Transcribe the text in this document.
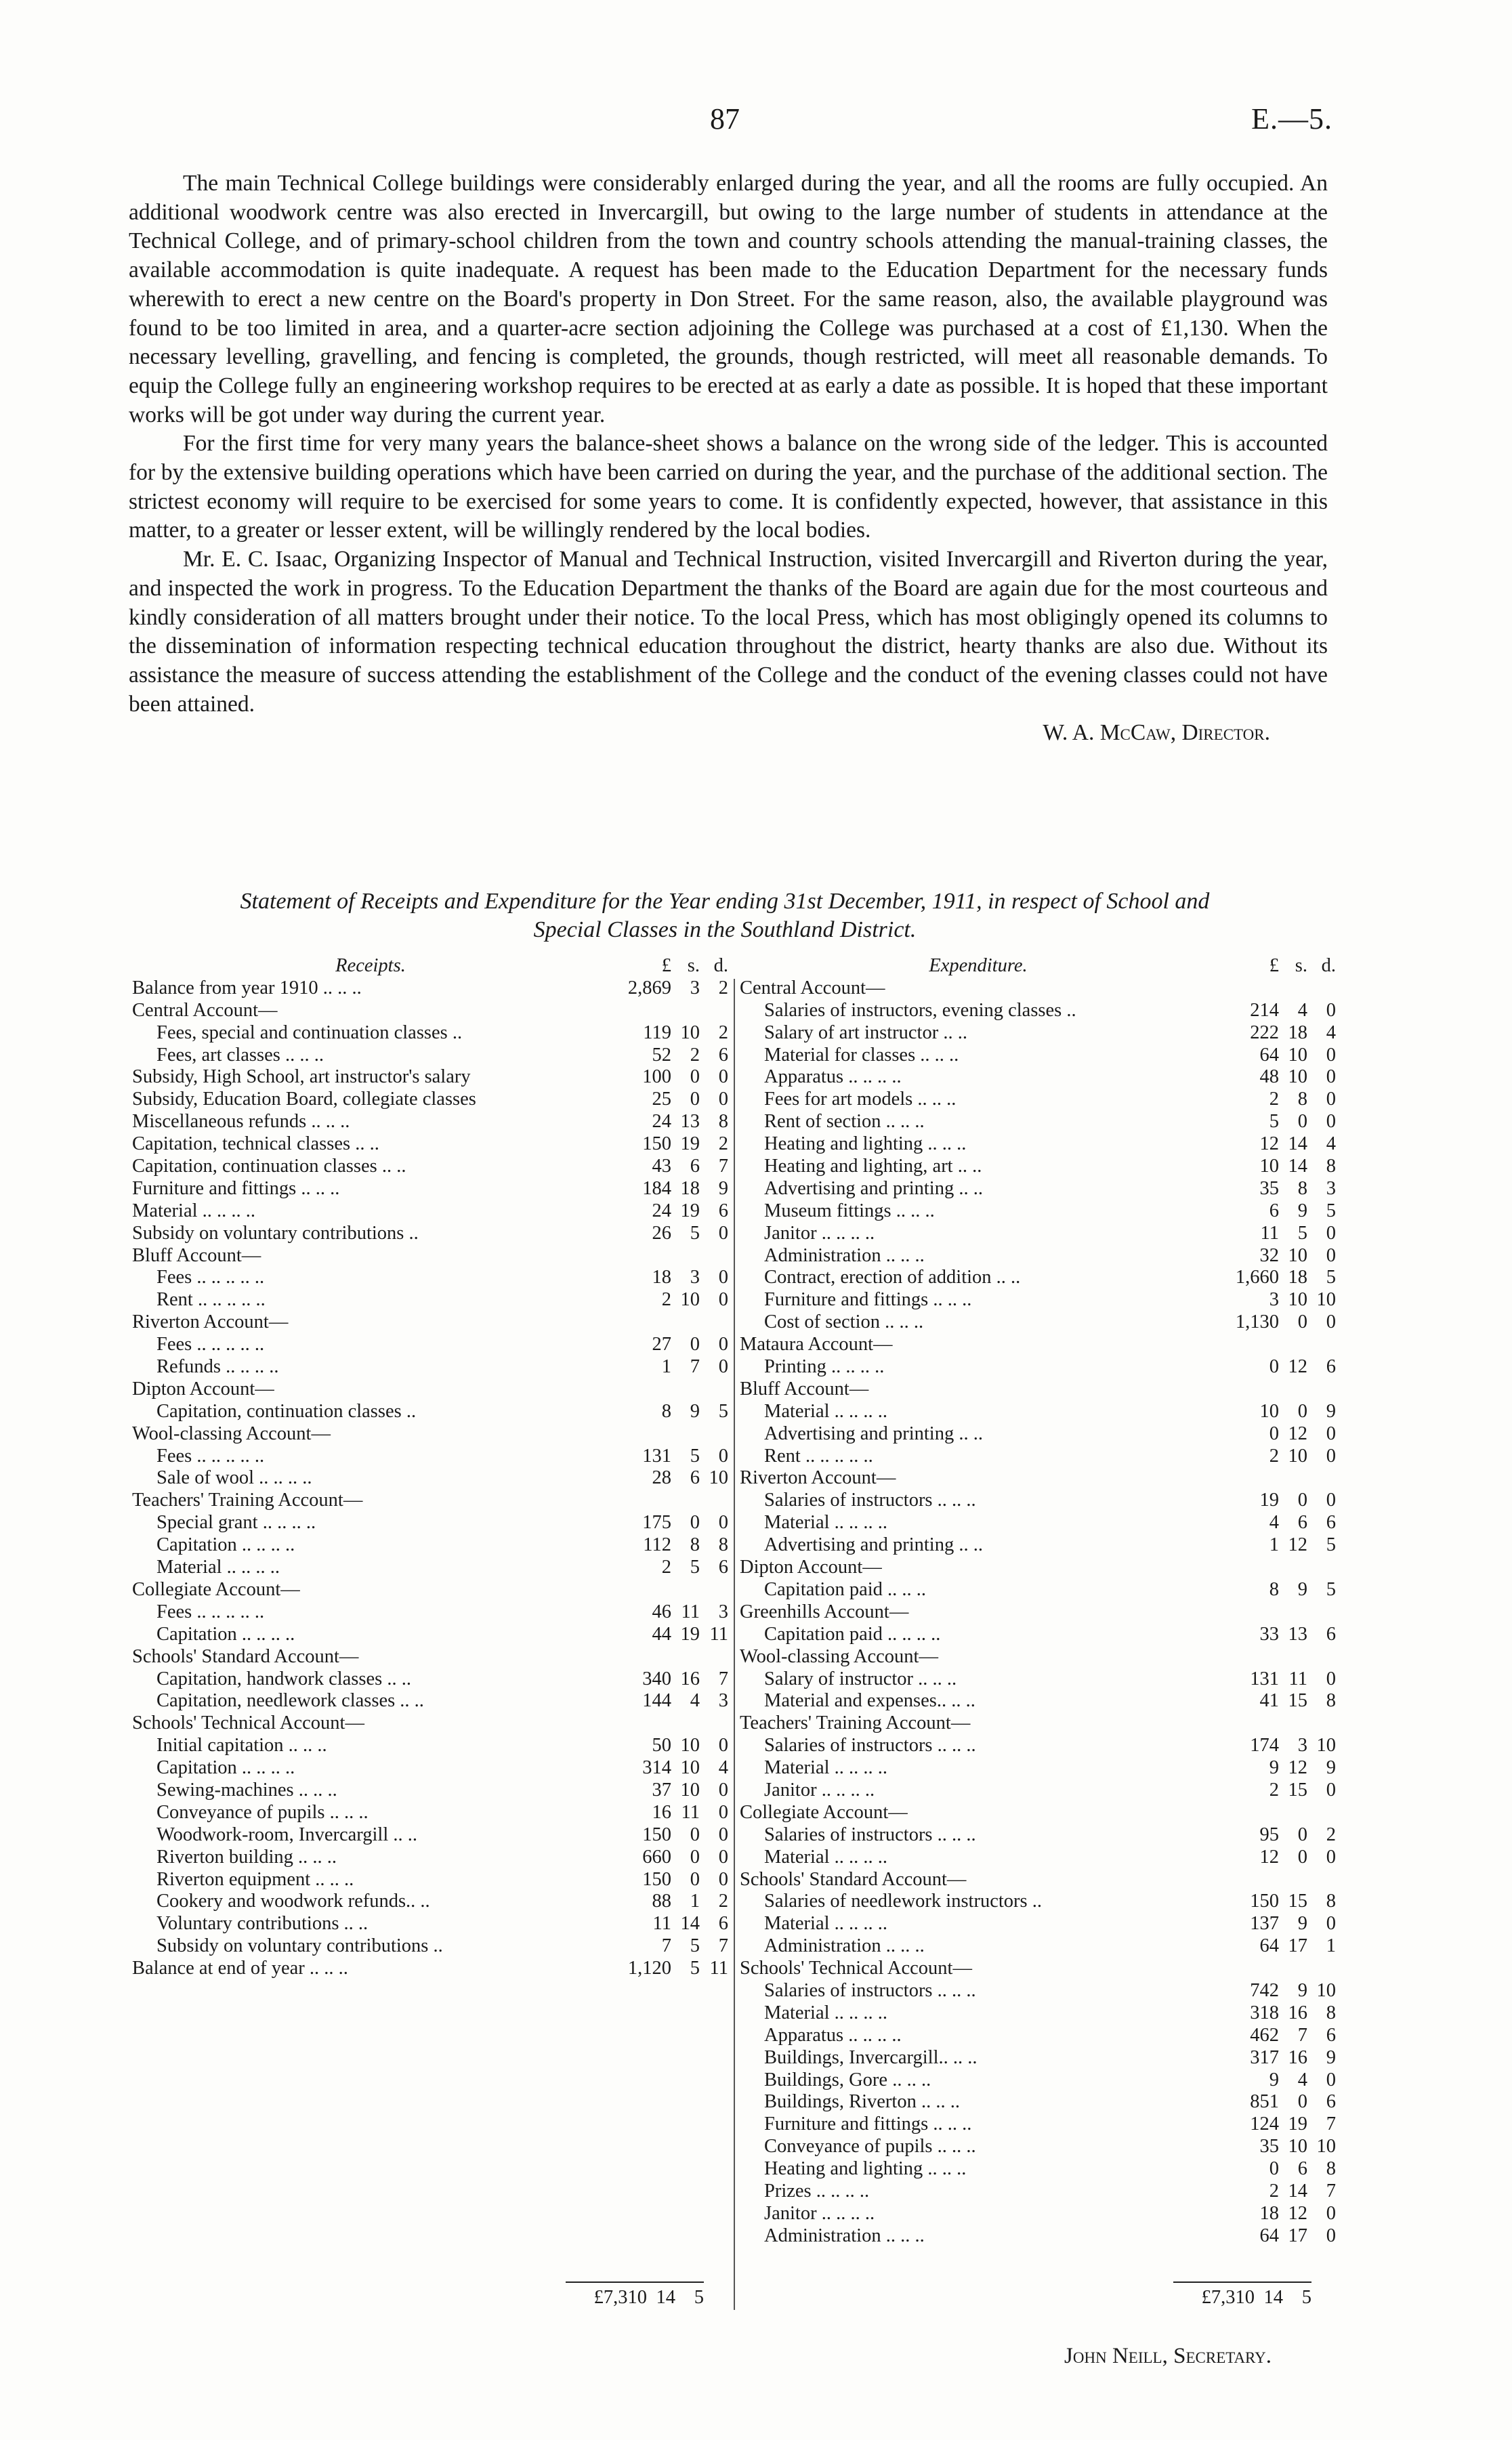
87	E.—5.

The main Technical College buildings were considerably enlarged during the year, and all the rooms are fully occupied. An additional woodwork centre was also erected in Invercargill, but owing to the large number of students in attendance at the Technical College, and of primary-school children from the town and country schools attending the manual-training classes, the available accommodation is quite inadequate. A request has been made to the Education Department for the necessary funds wherewith to erect a new centre on the Board's property in Don Street. For the same reason, also, the available playground was found to be too limited in area, and a quarter-acre section adjoining the College was purchased at a cost of £1,130. When the necessary levelling, gravelling, and fencing is completed, the grounds, though restricted, will meet all reasonable demands. To equip the College fully an engineering workshop requires to be erected at as early a date as possible. It is hoped that these important works will be got under way during the current year.

For the first time for very many years the balance-sheet shows a balance on the wrong side of the ledger. This is accounted for by the extensive building operations which have been carried on during the year, and the purchase of the additional section. The strictest economy will require to be exercised for some years to come. It is confidently expected, however, that assistance in this matter, to a greater or lesser extent, will be willingly rendered by the local bodies.

Mr. E. C. Isaac, Organizing Inspector of Manual and Technical Instruction, visited Invercargill and Riverton during the year, and inspected the work in progress. To the Education Department the thanks of the Board are again due for the most courteous and kindly consideration of all matters brought under their notice. To the local Press, which has most obligingly opened its columns to the dissemination of information respecting technical education throughout the district, hearty thanks are also due. Without its assistance the measure of success attending the establishment of the College and the conduct of the evening classes could not have been attained.

W. A. McCaw, Director.
Statement of Receipts and Expenditure for the Year ending 31st December, 1911, in respect of School and
Special Classes in the Southland District.
Receipts.	£ s. d.
Balance from year 1910 .. .. ..	2,869 3 2
Central Account—
Fees, special and continuation classes ..	119 10 2
Fees, art classes .. .. ..	52 2 6
Subsidy, High School, art instructor's salary	100 0 0
Subsidy, Education Board, collegiate classes	25 0 0
Miscellaneous refunds .. .. ..	24 13 8
Capitation, technical classes .. ..	150 19 2
Capitation, continuation classes .. ..	43 6 7
Furniture and fittings .. .. ..	184 18 9
Material .. .. .. ..	24 19 6
Subsidy on voluntary contributions ..	26 5 0
Bluff Account—
Fees .. .. .. .. ..	18 3 0
Rent .. .. .. .. ..	2 10 0
Riverton Account—
Fees .. .. .. .. ..	27 0 0
Refunds .. .. .. ..	1 7 0
Dipton Account—
Capitation, continuation classes ..	8 9 5
Wool-classing Account—
Fees .. .. .. .. ..	131 5 0
Sale of wool .. .. .. ..	28 6 10
Teachers' Training Account—
Special grant .. .. .. ..	175 0 0
Capitation .. .. .. ..	112 8 8
Material .. .. .. ..	2 5 6
Collegiate Account—
Fees .. .. .. .. ..	46 11 3
Capitation .. .. .. ..	44 19 11
Schools' Standard Account—
Capitation, handwork classes .. ..	340 16 7
Capitation, needlework classes .. ..	144 4 3
Schools' Technical Account—
Initial capitation .. .. ..	50 10 0
Capitation .. .. .. ..	314 10 4
Sewing-machines .. .. ..	37 10 0
Conveyance of pupils .. .. ..	16 11 0
Woodwork-room, Invercargill .. ..	150 0 0
Riverton building .. .. ..	660 0 0
Riverton equipment .. .. ..	150 0 0
Cookery and woodwork refunds.. ..	88 1 2
Voluntary contributions .. ..	11 14 6
Subsidy on voluntary contributions ..	7 5 7
Balance at end of year .. .. ..	1,120 5 11
Expenditure.	£ s. d.
Central Account—
Salaries of instructors, evening classes ..	214 4 0
Salary of art instructor .. ..	222 18 4
Material for classes .. .. ..	64 10 0
Apparatus .. .. .. ..	48 10 0
Fees for art models .. .. ..	2 8 0
Rent of section .. .. ..	5 0 0
Heating and lighting .. .. ..	12 14 4
Heating and lighting, art .. ..	10 14 8
Advertising and printing .. ..	35 8 3
Museum fittings .. .. ..	6 9 5
Janitor .. .. .. ..	11 5 0
Administration .. .. ..	32 10 0
Contract, erection of addition .. ..	1,660 18 5
Furniture and fittings .. .. ..	3 10 10
Cost of section .. .. ..	1,130 0 0
Mataura Account—
Printing .. .. .. ..	0 12 6
Bluff Account—
Material .. .. .. ..	10 0 9
Advertising and printing .. ..	0 12 0
Rent .. .. .. .. ..	2 10 0
Riverton Account—
Salaries of instructors .. .. ..	19 0 0
Material .. .. .. ..	4 6 6
Advertising and printing .. ..	1 12 5
Dipton Account—
Capitation paid .. .. ..	8 9 5
Greenhills Account—
Capitation paid .. .. .. ..	33 13 6
Wool-classing Account—
Salary of instructor .. .. ..	131 11 0
Material and expenses.. .. ..	41 15 8
Teachers' Training Account—
Salaries of instructors .. .. ..	174 3 10
Material .. .. .. ..	9 12 9
Janitor .. .. .. ..	2 15 0
Collegiate Account—
Salaries of instructors .. .. ..	95 0 2
Material .. .. .. ..	12 0 0
Schools' Standard Account—
Salaries of needlework instructors ..	150 15 8
Material .. .. .. ..	137 9 0
Administration .. .. ..	64 17 1
Schools' Technical Account—
Salaries of instructors .. .. ..	742 9 10
Material .. .. .. ..	318 16 8
Apparatus .. .. .. ..	462 7 6
Buildings, Invercargill.. .. ..	317 16 9
Buildings, Gore .. .. ..	9 4 0
Buildings, Riverton .. .. ..	851 0 6
Furniture and fittings .. .. ..	124 19 7
Conveyance of pupils .. .. ..	35 10 10
Heating and lighting .. .. ..	0 6 8
Prizes .. .. .. ..	2 14 7
Janitor .. .. .. ..	18 12 0
Administration .. .. ..	64 17 0
£7,310 14 5	£7,310 14 5
John Neill, Secretary.
